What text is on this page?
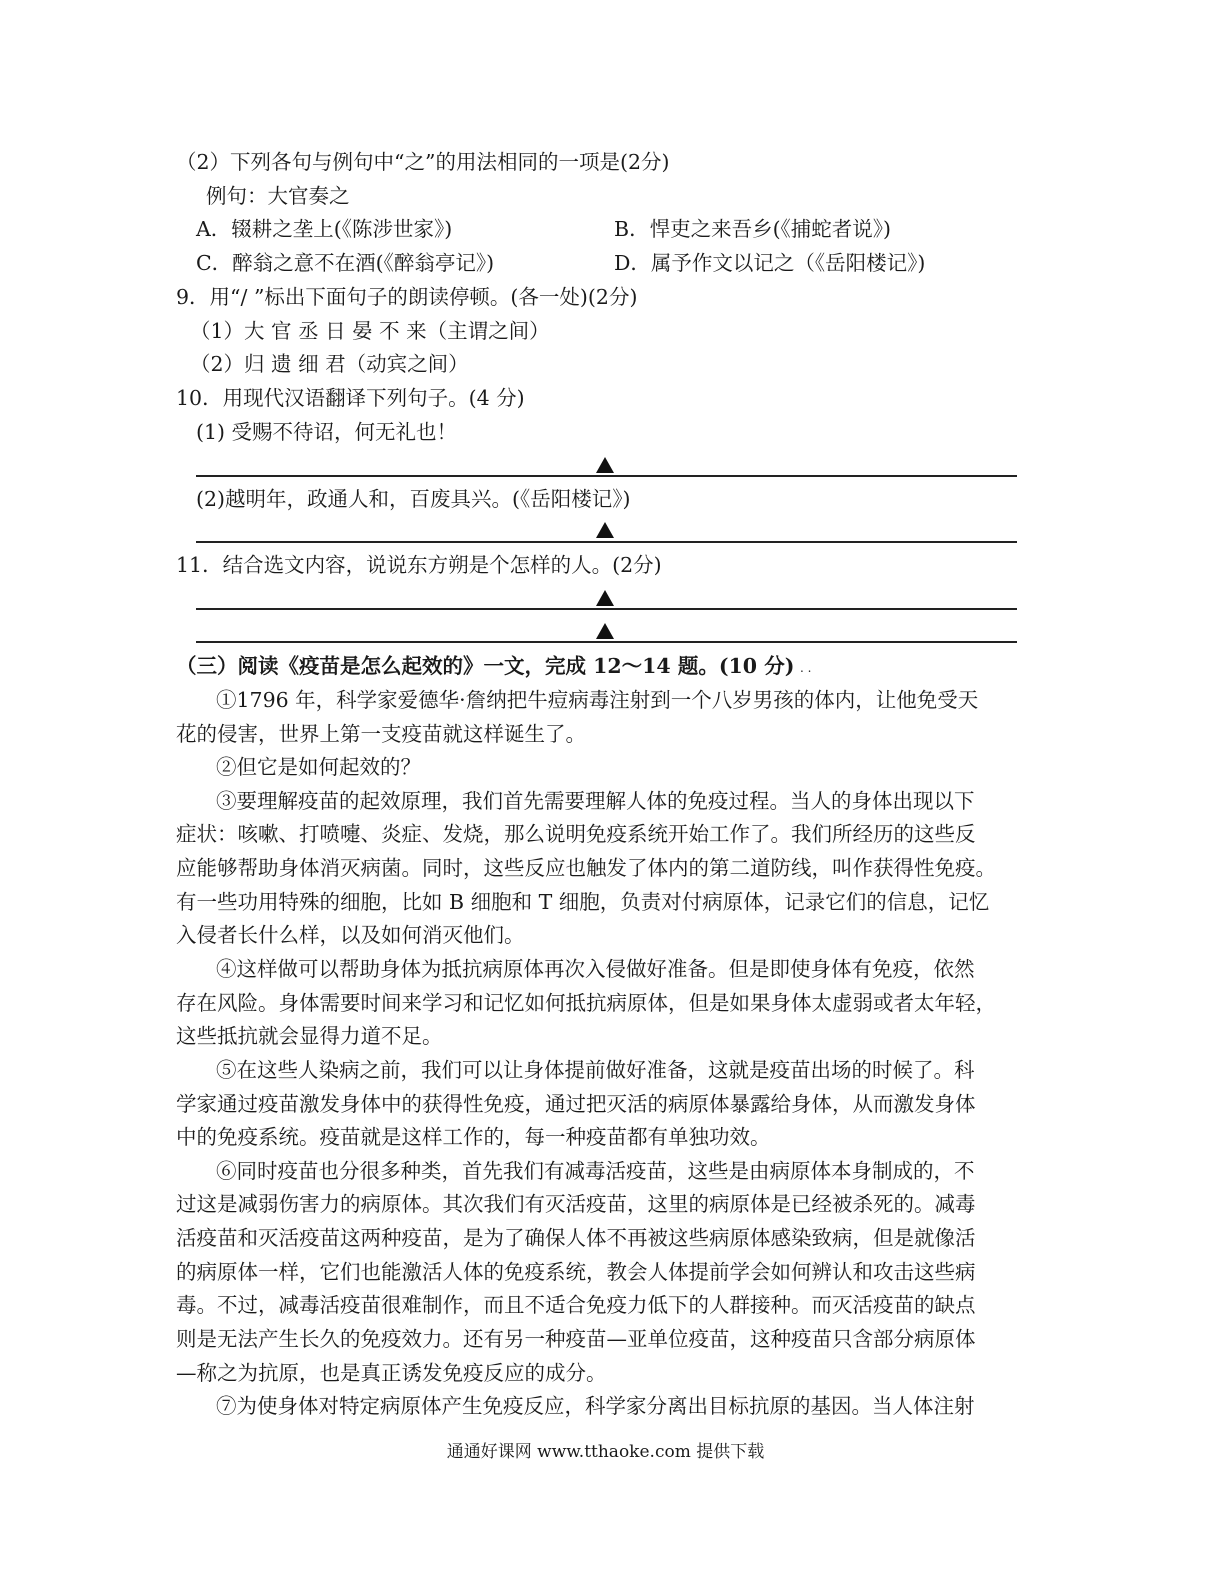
（2）下列各句与例句中“之”的用法相同的一项是(2分)
例句：大官奏之
A．辍耕之垄上(《陈涉世家》)	B．悍吏之来吾乡(《捕蛇者说》)
C．醉翁之意不在酒(《醉翁亭记》)	D．属予作文以记之（《岳阳楼记》)
9．用“/ ”标出下面句子的朗读停顿。(各一处)(2分)
（1）大 官 丞 日 晏 不 来（主谓之间）
（2）归 遗 细 君（动宾之间）
10．用现代汉语翻译下列句子。(4 分)
(1) 受赐不待诏，何无礼也！
(2)越明年，政通人和，百废具兴。(《岳阳楼记》)
11．结合选文内容，说说东方朔是个怎样的人。(2分)
（三）阅读《疫苗是怎么起效的》一文，完成 12～14 题。(10 分) . .
①1796 年，科学家爱德华·詹纳把牛痘病毒注射到一个八岁男孩的体内，让他免受天
花的侵害，世界上第一支疫苗就这样诞生了。
②但它是如何起效的？
③要理解疫苗的起效原理，我们首先需要理解人体的免疫过程。当人的身体出现以下
症状：咳嗽、打喷嚏、炎症、发烧，那么说明免疫系统开始工作了。我们所经历的这些反
应能够帮助身体消灭病菌。同时，这些反应也触发了体内的第二道防线，叫作获得性免疫。
有一些功用特殊的细胞，比如 B 细胞和 T 细胞，负责对付病原体，记录它们的信息，记忆
入侵者长什么样，以及如何消灭他们。
④这样做可以帮助身体为抵抗病原体再次入侵做好准备。但是即使身体有免疫，依然
存在风险。身体需要时间来学习和记忆如何抵抗病原体，但是如果身体太虚弱或者太年轻，
这些抵抗就会显得力道不足。
⑤在这些人染病之前，我们可以让身体提前做好准备，这就是疫苗出场的时候了。科
学家通过疫苗激发身体中的获得性免疫，通过把灭活的病原体暴露给身体，从而激发身体
中的免疫系统。疫苗就是这样工作的，每一种疫苗都有单独功效。
⑥同时疫苗也分很多种类，首先我们有减毒活疫苗，这些是由病原体本身制成的，不
过这是减弱伤害力的病原体。其次我们有灭活疫苗，这里的病原体是已经被杀死的。减毒
活疫苗和灭活疫苗这两种疫苗，是为了确保人体不再被这些病原体感染致病，但是就像活
的病原体一样，它们也能激活人体的免疫系统，教会人体提前学会如何辨认和攻击这些病
毒。不过，减毒活疫苗很难制作，而且不适合免疫力低下的人群接种。而灭活疫苗的缺点
则是无法产生长久的免疫效力。还有另一种疫苗—亚单位疫苗，这种疫苗只含部分病原体
—称之为抗原，也是真正诱发免疫反应的成分。
⑦为使身体对特定病原体产生免疫反应，科学家分离出目标抗原的基因。当人体注射
通通好课网 www.tthaoke.com 提供下载
